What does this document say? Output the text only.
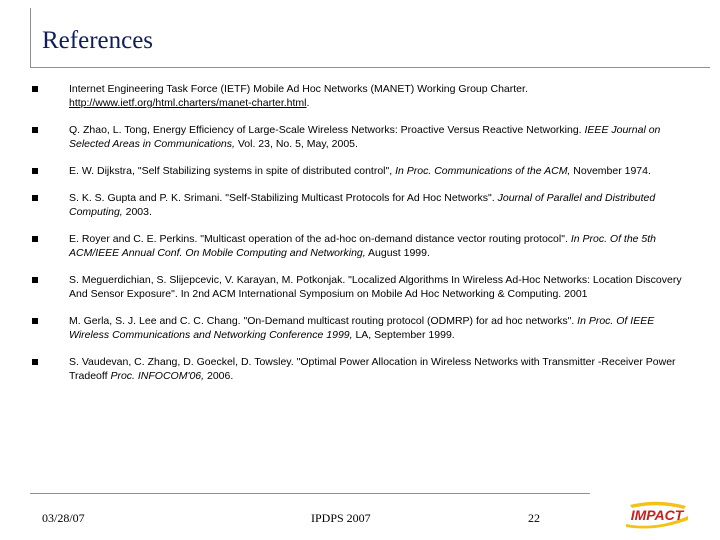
References
Internet Engineering Task Force (IETF) Mobile Ad Hoc Networks (MANET) Working Group Charter.
http://www.ietf.org/html.charters/manet-charter.html.
Q. Zhao, L. Tong, Energy Efficiency of Large-Scale Wireless Networks: Proactive Versus Reactive Networking. IEEE Journal on Selected Areas in Communications, Vol. 23, No. 5, May, 2005.
E. W. Dijkstra, "Self Stabilizing systems in spite of distributed control", In Proc. Communications of the ACM, November 1974.
S. K. S. Gupta and P. K. Srimani. "Self-Stabilizing Multicast Protocols for Ad Hoc Networks". Journal of Parallel and Distributed Computing, 2003.
E. Royer and C. E. Perkins. "Multicast operation of the ad-hoc on-demand distance vector routing protocol". In Proc. Of the 5th ACM/IEEE Annual Conf. On Mobile Computing and Networking, August 1999.
S. Meguerdichian, S. Slijepcevic, V. Karayan, M. Potkonjak. "Localized Algorithms In Wireless Ad-Hoc Networks: Location Discovery And Sensor Exposure". In 2nd ACM International Symposium on Mobile Ad Hoc Networking & Computing. 2001
M. Gerla, S. J. Lee and C. C. Chang. "On-Demand multicast routing protocol (ODMRP) for ad hoc networks". In Proc. Of IEEE Wireless Communications and Networking Conference 1999, LA, September 1999.
S. Vaudevan, C. Zhang, D. Goeckel, D. Towsley. "Optimal Power Allocation in Wireless Networks with Transmitter -Receiver Power Tradeoff Proc. INFOCOM'06, 2006.
03/28/07	IPDPS 2007	22	IMPACT
